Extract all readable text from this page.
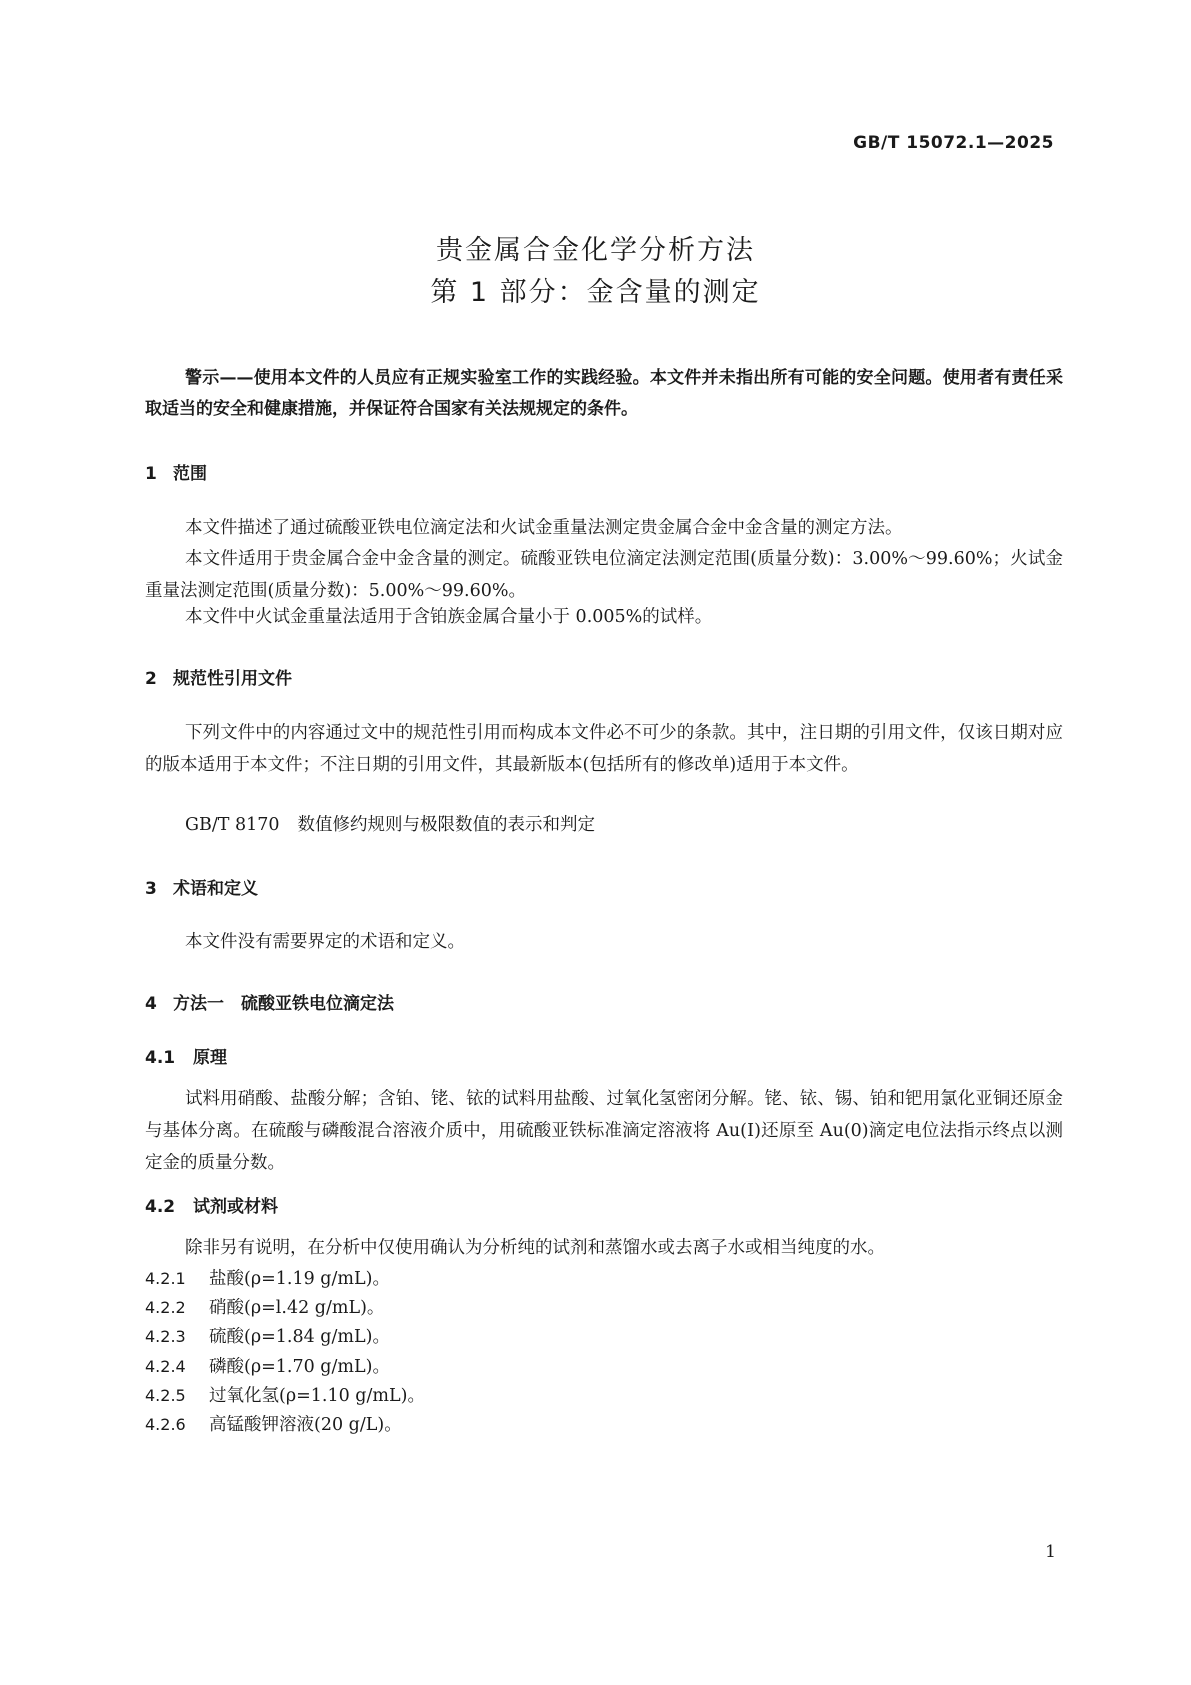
GB/T 15072.1—2025
贵金属合金化学分析方法
第 1 部分：金含量的测定
警示——使用本文件的人员应有正规实验室工作的实践经验。本文件并未指出所有可能的安全问题。使用者有责任采取适当的安全和健康措施，并保证符合国家有关法规规定的条件。
1 范围
本文件描述了通过硫酸亚铁电位滴定法和火试金重量法测定贵金属合金中金含量的测定方法。
本文件适用于贵金属合金中金含量的测定。硫酸亚铁电位滴定法测定范围(质量分数)：3.00%～99.60%；火试金重量法测定范围(质量分数)：5.00%～99.60%。
本文件中火试金重量法适用于含铂族金属合量小于 0.005%的试样。
2 规范性引用文件
下列文件中的内容通过文中的规范性引用而构成本文件必不可少的条款。其中，注日期的引用文件，仅该日期对应的版本适用于本文件；不注日期的引用文件，其最新版本(包括所有的修改单)适用于本文件。
GB/T 8170 数值修约规则与极限数值的表示和判定
3 术语和定义
本文件没有需要界定的术语和定义。
4 方法一　硫酸亚铁电位滴定法
4.1 原理
试料用硝酸、盐酸分解；含铂、铑、铱的试料用盐酸、过氧化氢密闭分解。铑、铱、锡、铂和钯用氯化亚铜还原金与基体分离。在硫酸与磷酸混合溶液介质中，用硫酸亚铁标准滴定溶液将 Au(Ⅰ)还原至 Au(0)滴定电位法指示终点以测定金的质量分数。
4.2 试剂或材料
除非另有说明，在分析中仅使用确认为分析纯的试剂和蒸馏水或去离子水或相当纯度的水。
4.2.1 盐酸(ρ=1.19 g/mL)。
4.2.2 硝酸(ρ=l.42 g/mL)。
4.2.3 硫酸(ρ=1.84 g/mL)。
4.2.4 磷酸(ρ=1.70 g/mL)。
4.2.5 过氧化氢(ρ=1.10 g/mL)。
4.2.6 高锰酸钾溶液(20 g/L)。
1
